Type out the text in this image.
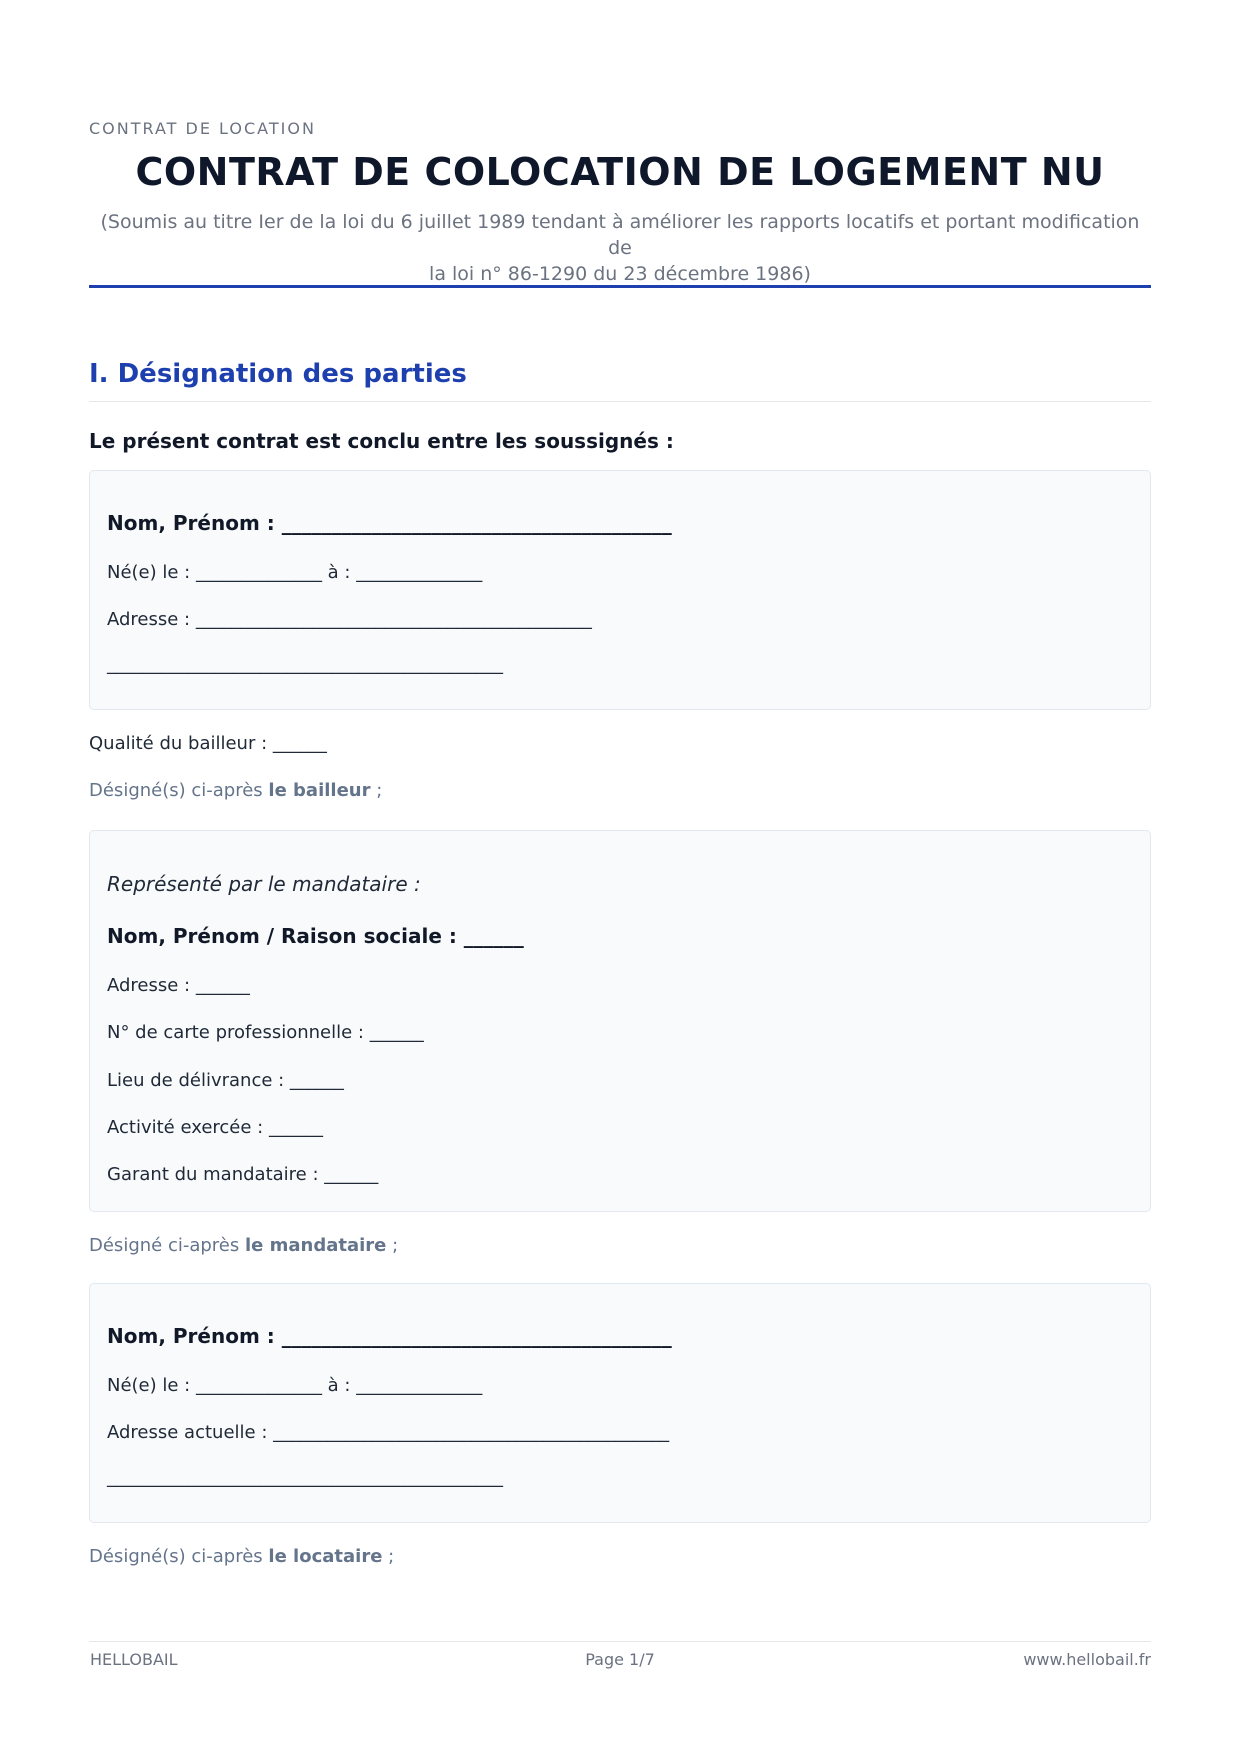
CONTRAT DE LOCATION
CONTRAT DE COLOCATION DE LOGEMENT NU
(Soumis au titre Ier de la loi du 6 juillet 1989 tendant à améliorer les rapports locatifs et portant modification de
la loi n° 86-1290 du 23 décembre 1986)
I. Désignation des parties
Le présent contrat est conclu entre les soussignés :
Nom, Prénom : _______________________________________
Né(e) le : ______________ à : ______________
Adresse : ____________________________________________
____________________________________________
Qualité du bailleur : ______
Désigné(s) ci-après le bailleur ;
Représenté par le mandataire :
Nom, Prénom / Raison sociale : ______
Adresse : ______
N° de carte professionnelle : ______
Lieu de délivrance : ______
Activité exercée : ______
Garant du mandataire : ______
Désigné ci-après le mandataire ;
Nom, Prénom : _______________________________________
Né(e) le : ______________ à : ______________
Adresse actuelle : ____________________________________________
____________________________________________
Désigné(s) ci-après le locataire ;
HELLOBAIL	Page 1/7	www.hellobail.fr
